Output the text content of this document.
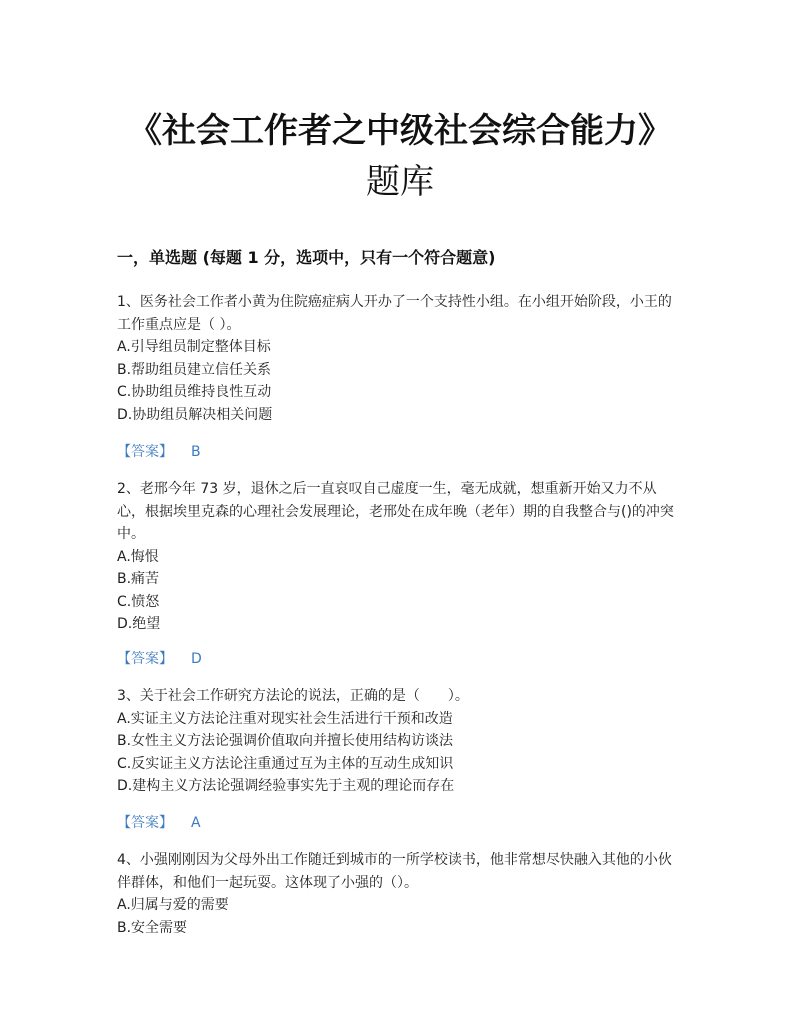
《社会工作者之中级社会综合能力》
题库
一，单选题 (每题 1 分，选项中，只有一个符合题意)

1、医务社会工作者小黄为住院癌症病人开办了一个支持性小组。在小组开始阶段，小王的工作重点应是（ ）。

A.引导组员制定整体目标
B.帮助组员建立信任关系
C.协助组员维持良性互动
D.协助组员解决相关问题
【答案】 B

2、老邢今年 73 岁，退休之后一直哀叹自己虚度一生，毫无成就，想重新开始又力不从心，根据埃里克森的心理社会发展理论，老邢处在成年晚（老年）期的自我整合与()的冲突中。

A.悔恨
B.痛苦
C.愤怒
D.绝望
【答案】 D

3、关于社会工作研究方法论的说法，正确的是（　　）。

A.实证主义方法论注重对现实社会生活进行干预和改造
B.女性主义方法论强调价值取向并擅长使用结构访谈法
C.反实证主义方法论注重通过互为主体的互动生成知识
D.建构主义方法论强调经验事实先于主观的理论而存在
【答案】 A

4、小强刚刚因为父母外出工作随迁到城市的一所学校读书，他非常想尽快融入其他的小伙伴群体，和他们一起玩耍。这体现了小强的（）。

A.归属与爱的需要
B.安全需要
